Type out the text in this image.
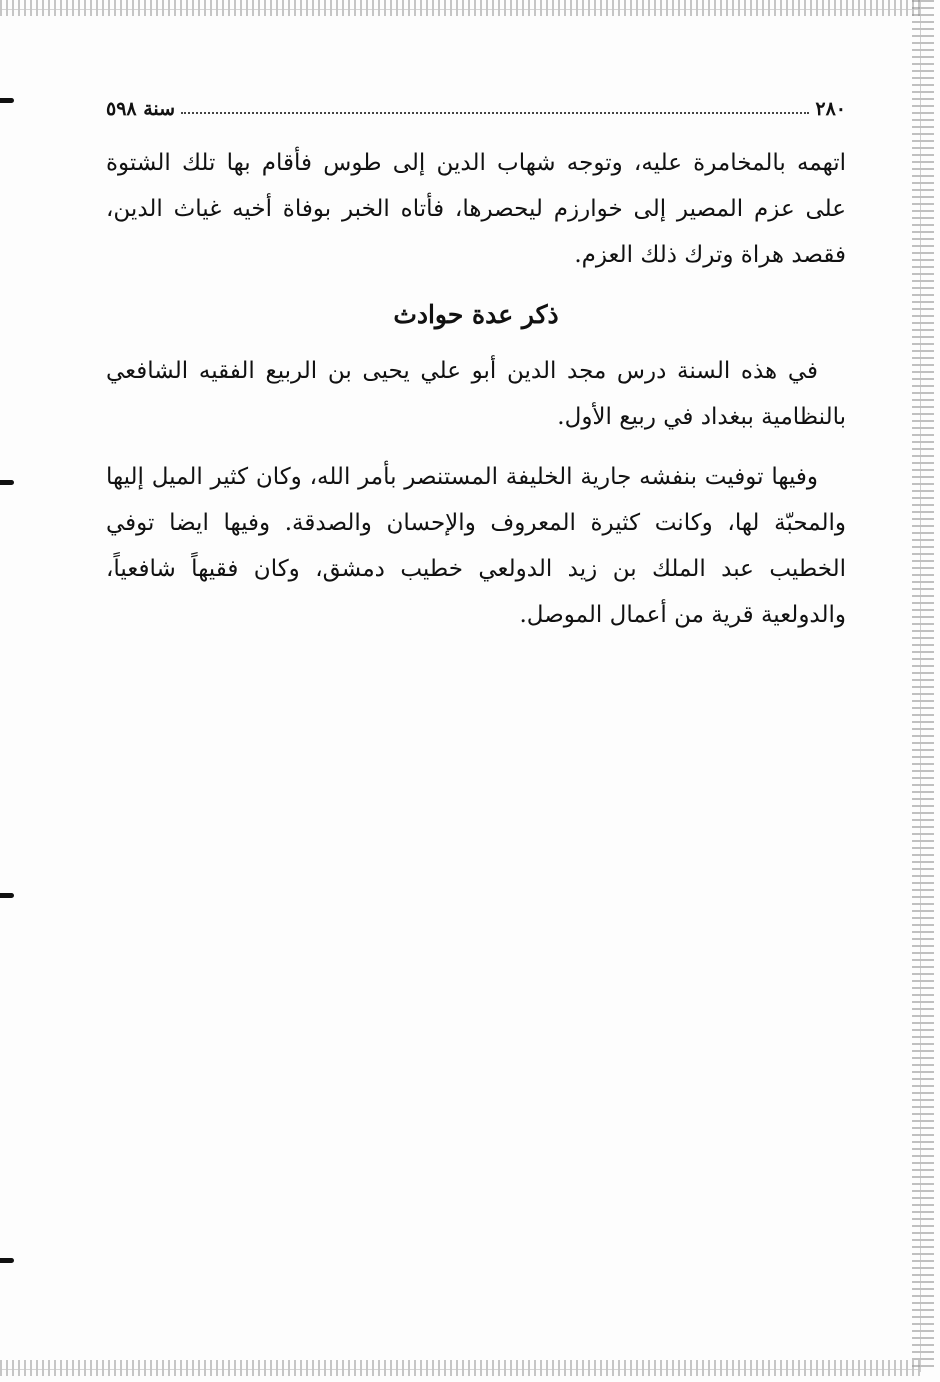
٢٨٠
سنة ٥٩٨

اتهمه بالمخامرة عليه، وتوجه شهاب الدين إلى طوس فأقام بها تلك الشتوة على عزم المصير إلى خوارزم ليحصرها، فأتاه الخبر بوفاة أخيه غياث الدين، فقصد هراة وترك ذلك العزم.

ذكر عدة حوادث

في هذه السنة درس مجد الدين أبو علي يحيى بن الربيع الفقيه الشافعي بالنظامية ببغداد في ربيع الأول.

وفيها توفيت بنفشه جارية الخليفة المستنصر بأمر الله، وكان كثير الميل إليها والمحبّة لها، وكانت كثيرة المعروف والإحسان والصدقة. وفيها ايضا توفي الخطيب عبد الملك بن زيد الدولعي خطيب دمشق، وكان فقيهاً شافعياً، والدولعية قرية من أعمال الموصل.
